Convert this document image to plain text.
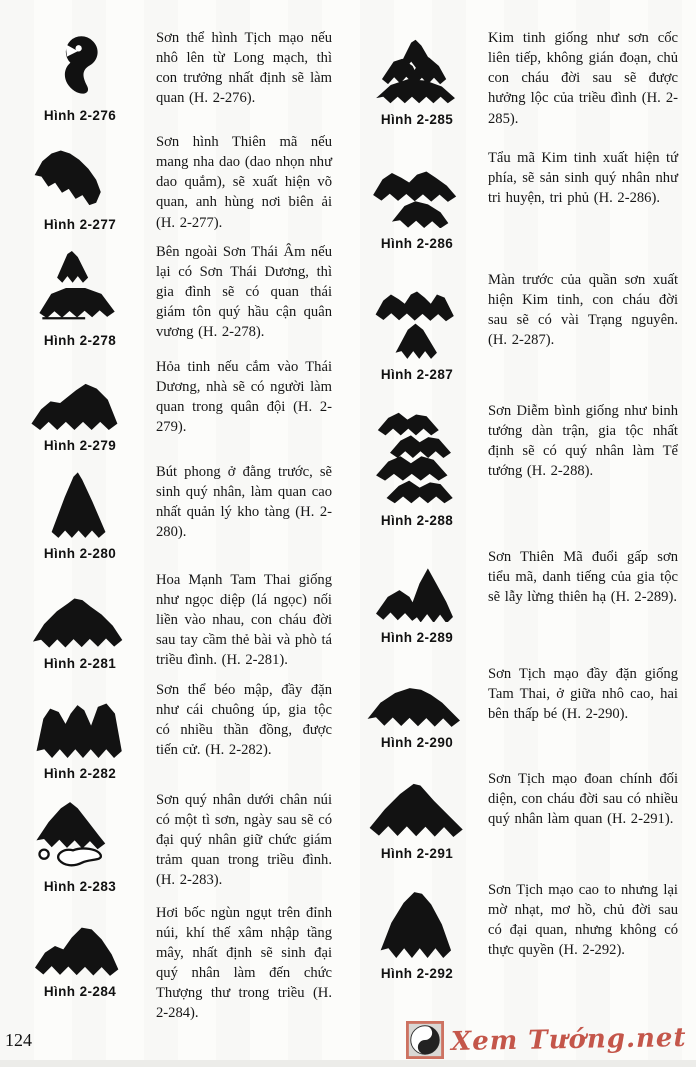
Hình 2-276

Sơn thể hình Tịch mạo nếu nhô lên từ Long mạch, thì con trưởng nhất định sẽ làm quan (H. 2-276).

Hình 2-277

Sơn hình Thiên mã nếu mang nha dao (dao nhọn như dao quắm), sẽ xuất hiện võ quan, anh hùng nơi biên ải (H. 2-277).

Hình 2-278

Bên ngoài Sơn Thái Âm nếu lại có Sơn Thái Dương, thì gia đình sẽ có quan thái giám tôn quý hầu cận quân vương (H. 2-278).

Hình 2-279

Hỏa tinh nếu cắm vào Thái Dương, nhà sẽ có người làm quan trong quân đội (H. 2-279).

Hình 2-280

Bút phong ở đằng trước, sẽ sinh quý nhân, làm quan cao nhất quản lý kho tàng (H. 2-280).

Hình 2-281

Hoa Mạnh Tam Thai giống như ngọc diệp (lá ngọc) nối liền vào nhau, con cháu đời sau tay cầm thẻ bài và phò tá triều đình. (H. 2-281).

Hình 2-282

Sơn thể béo mập, đầy đặn như cái chuông úp, gia tộc có nhiều thần đồng, được tiến cử. (H. 2-282).

Hình 2-283

Sơn quý nhân dưới chân núi có một tì sơn, ngày sau sẽ có đại quý nhân giữ chức giám trảm quan trong triều đình. (H. 2-283).

Hình 2-284

Hơi bốc ngùn ngụt trên đỉnh núi, khí thế xâm nhập tầng mây, nhất định sẽ sinh đại quý nhân làm đến chức Thượng thư trong triều (H. 2-284).

Hình 2-285

Kim tinh giống như sơn cốc liên tiếp, không gián đoạn, chủ con cháu đời sau sẽ được hưởng lộc của triều đình (H. 2-285).

Hình 2-286

Tẩu mã Kim tinh xuất hiện tứ phía, sẽ sản sinh quý nhân như tri huyện, tri phủ (H. 2-286).

Hình 2-287

Màn trước của quần sơn xuất hiện Kim tinh, con cháu đời sau sẽ có vài Trạng nguyên. (H. 2-287).

Hình 2-288

Sơn Diễm bình giống như binh tướng dàn trận, gia tộc nhất định sẽ có quý nhân làm Tể tướng (H. 2-288).

Hình 2-289

Sơn Thiên Mã đuổi gấp sơn tiểu mã, danh tiếng của gia tộc sẽ lẫy lừng thiên hạ (H. 2-289).

Hình 2-290

Sơn Tịch mạo đầy đặn giống Tam Thai, ở giữa nhô cao, hai bên thấp bé (H. 2-290).

Hình 2-291

Sơn Tịch mạo đoan chính đối diện, con cháu đời sau có nhiều quý nhân làm quan (H. 2-291).

Hình 2-292

Sơn Tịch mạo cao to nhưng lại mờ nhạt, mơ hồ, chủ đời sau có đại quan, nhưng không có thực quyền (H. 2-292).

124	Xem Tướng.net
